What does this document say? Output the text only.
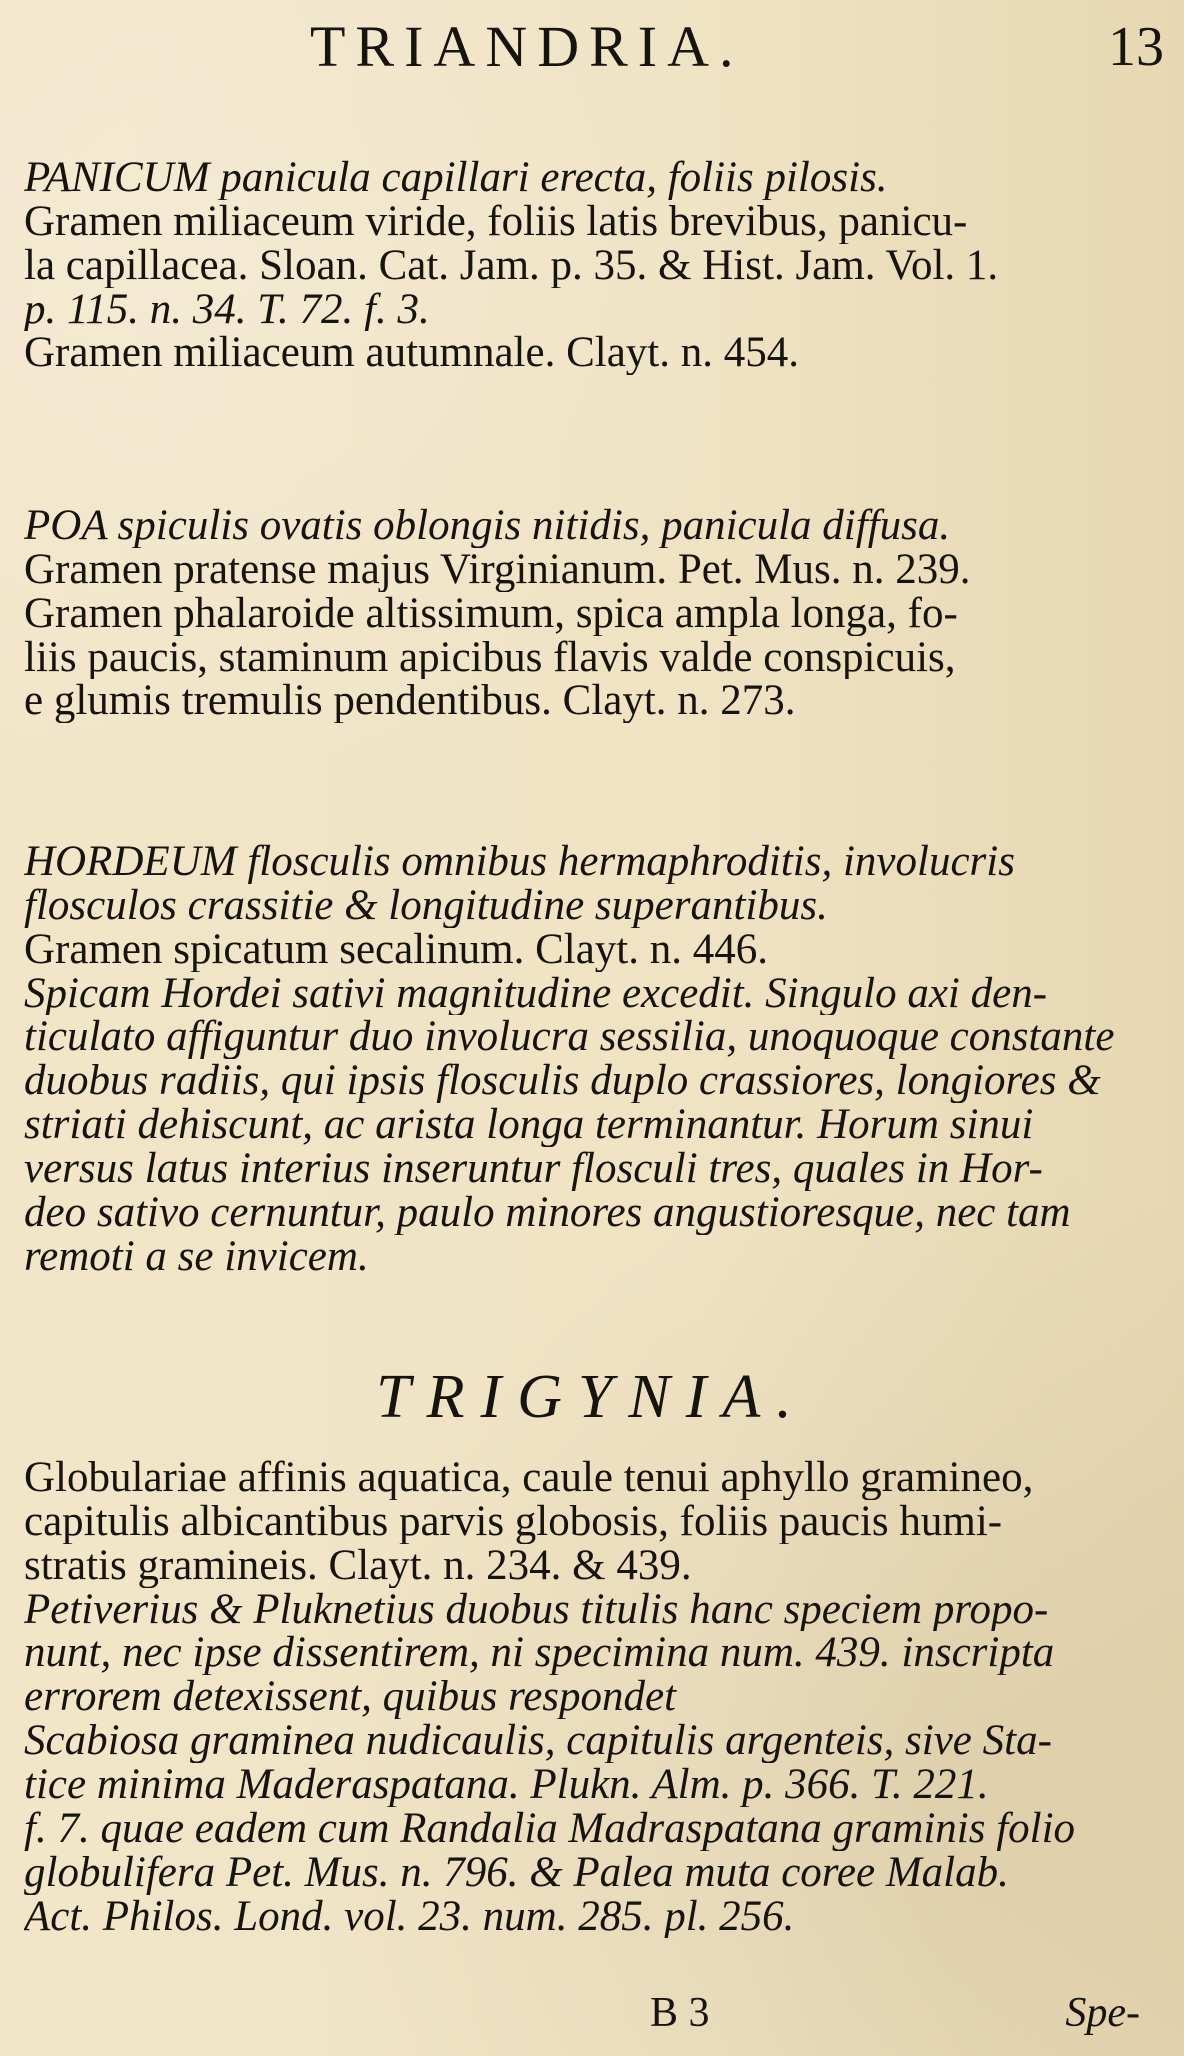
TRIANDRIA.	13
PANICUM panicula capillari erecta, foliis pilosis.
Gramen miliaceum viride, foliis latis brevibus, panicu-
la capillacea. Sloan. Cat. Jam. p. 35. & Hist. Jam. Vol. 1.
p. 115. n. 34. T. 72. f. 3.
Gramen miliaceum autumnale. Clayt. n. 454.
POA spiculis ovatis oblongis nitidis, panicula diffusa.
Gramen pratense majus Virginianum. Pet. Mus. n. 239.
Gramen phalaroide altissimum, spica ampla longa, fo-
liis paucis, staminum apicibus flavis valde conspicuis,
e glumis tremulis pendentibus. Clayt. n. 273.
HORDEUM flosculis omnibus hermaphroditis, involucris
flosculos crassitie & longitudine superantibus.
Gramen spicatum secalinum. Clayt. n. 446.
Spicam Hordei sativi magnitudine excedit. Singulo axi den-
ticulato affiguntur duo involucra sessilia, unoquoque constante
duobus radiis, qui ipsis flosculis duplo crassiores, longiores &
striati dehiscunt, ac arista longa terminantur. Horum sinui
versus latus interius inseruntur flosculi tres, quales in Hor-
deo sativo cernuntur, paulo minores angustioresque, nec tam
remoti a se invicem.
TRIGYNIA.
Globulariae affinis aquatica, caule tenui aphyllo gramineo,
capitulis albicantibus parvis globosis, foliis paucis humi-
stratis gramineis. Clayt. n. 234. & 439.
Petiverius & Pluknetius duobus titulis hanc speciem propo-
nunt, nec ipse dissentirem, ni specimina num. 439. inscripta
errorem detexissent, quibus respondet
Scabiosa graminea nudicaulis, capitulis argenteis, sive Sta-
tice minima Maderaspatana. Plukn. Alm. p. 366. T. 221.
f. 7. quae eadem cum Randalia Madraspatana graminis folio
globulifera Pet. Mus. n. 796. & Palea muta coree Malab.
Act. Philos. Lond. vol. 23. num. 285. pl. 256.
B 3	Spe-
